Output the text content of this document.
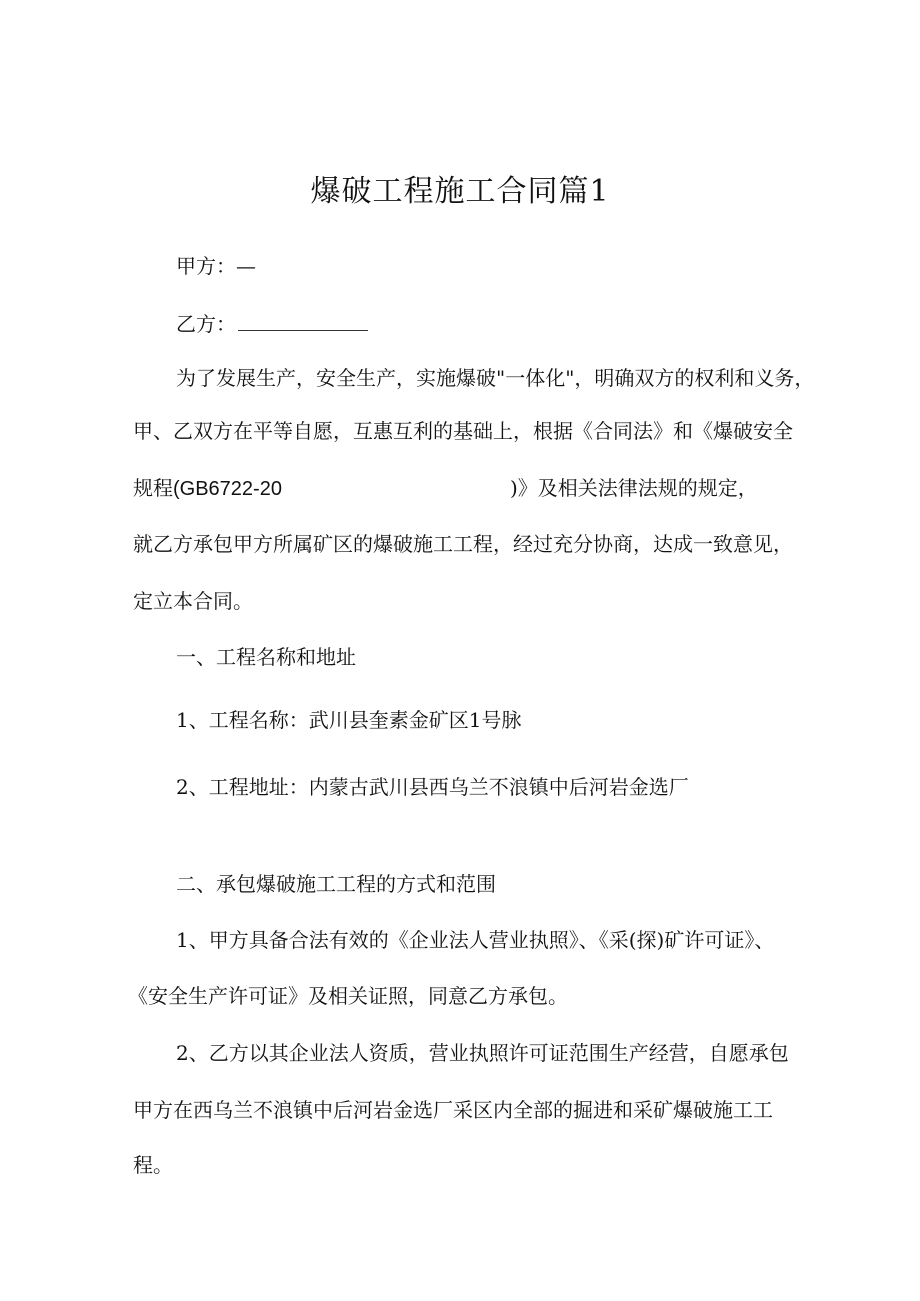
爆破工程施工合同篇1
甲方：—
乙方：
为了发展生产，安全生产，实施爆破"一体化"，明确双方的权利和义务，
甲、乙双方在平等自愿，互惠互利的基础上，根据《合同法》和《爆破安全
规程(GB6722-20	)》及相关法律法规的规定，
就乙方承包甲方所属矿区的爆破施工工程，经过充分协商，达成一致意见，
定立本合同。
一、工程名称和地址
1、工程名称：武川县奎素金矿区1号脉
2、工程地址：内蒙古武川县西乌兰不浪镇中后河岩金选厂
二、承包爆破施工工程的方式和范围
1、甲方具备合法有效的《企业法人营业执照》、《采(探)矿许可证》、
《安全生产许可证》及相关证照，同意乙方承包。
2、乙方以其企业法人资质，营业执照许可证范围生产经营，自愿承包
甲方在西乌兰不浪镇中后河岩金选厂采区内全部的掘进和采矿爆破施工工
程。
